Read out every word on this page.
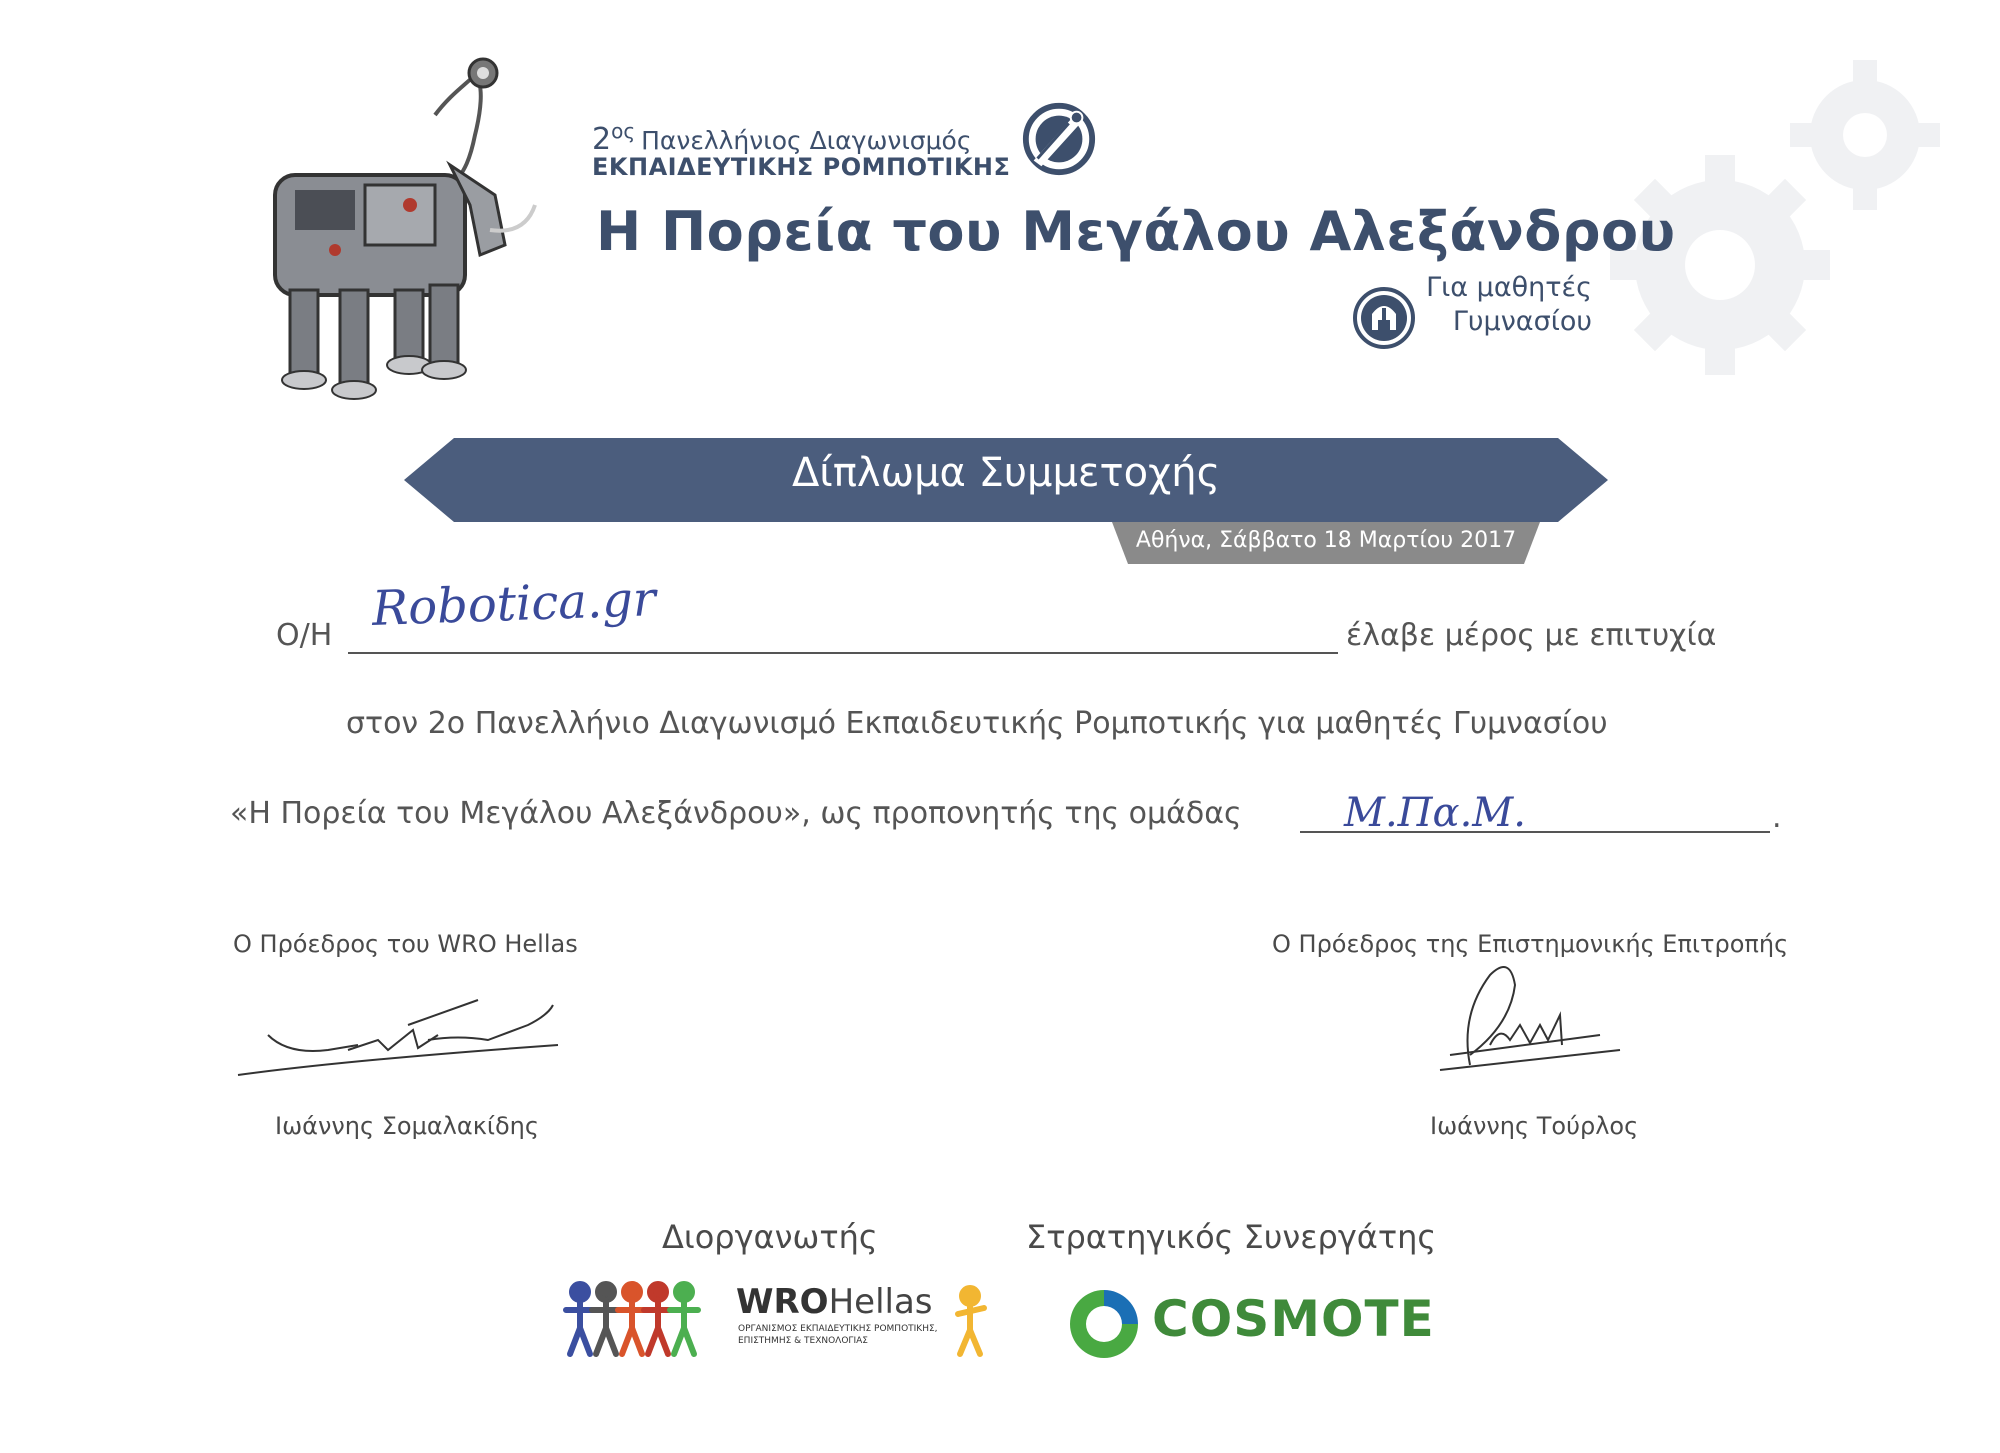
$2^{o\varsigma}$ Πανελλήνιος Διαγωνισμός
ΕΚΠΑΙΔΕΥΤΙΚΗΣ ΡΟΜΠΟΤΙΚΗΣ
Η Πορεία του Μεγάλου Αλεξάνδρου
Για μαθητές
Γυμνασίου
Δίπλωμα Συμμετοχής
Αθήνα, Σάββατο 18 Μαρτίου 2017
Ο/Η Robotica.gr	έλαβε μέρος με επιτυχία
στον 2ο Πανελλήνιο Διαγωνισμό Εκπαιδευτικής Ρομποτικής για μαθητές Γυμνασίου
«Η Πορεία του Μεγάλου Αλεξάνδρου», ως προπονητής της ομάδας	Μ.Πα.Μ.	.
Ο Πρόεδρος του WRO Hellas	Ο Πρόεδρος της Επιστημονικής Επιτροπής
Ιωάννης Σομαλακίδης	Ιωάννης Τούρλος
Διοργανωτής	Στρατηγικός Συνεργάτης
WROHellas
ΟΡΓΑΝΙΣΜΟΣ ΕΚΠΑΙΔΕΥΤΙΚΗΣ ΡΟΜΠΟΤΙΚΗΣ,
ΕΠΙΣΤΗΜΗΣ & ΤΕΧΝΟΛΟΓΙΑΣ	COSMOTE
